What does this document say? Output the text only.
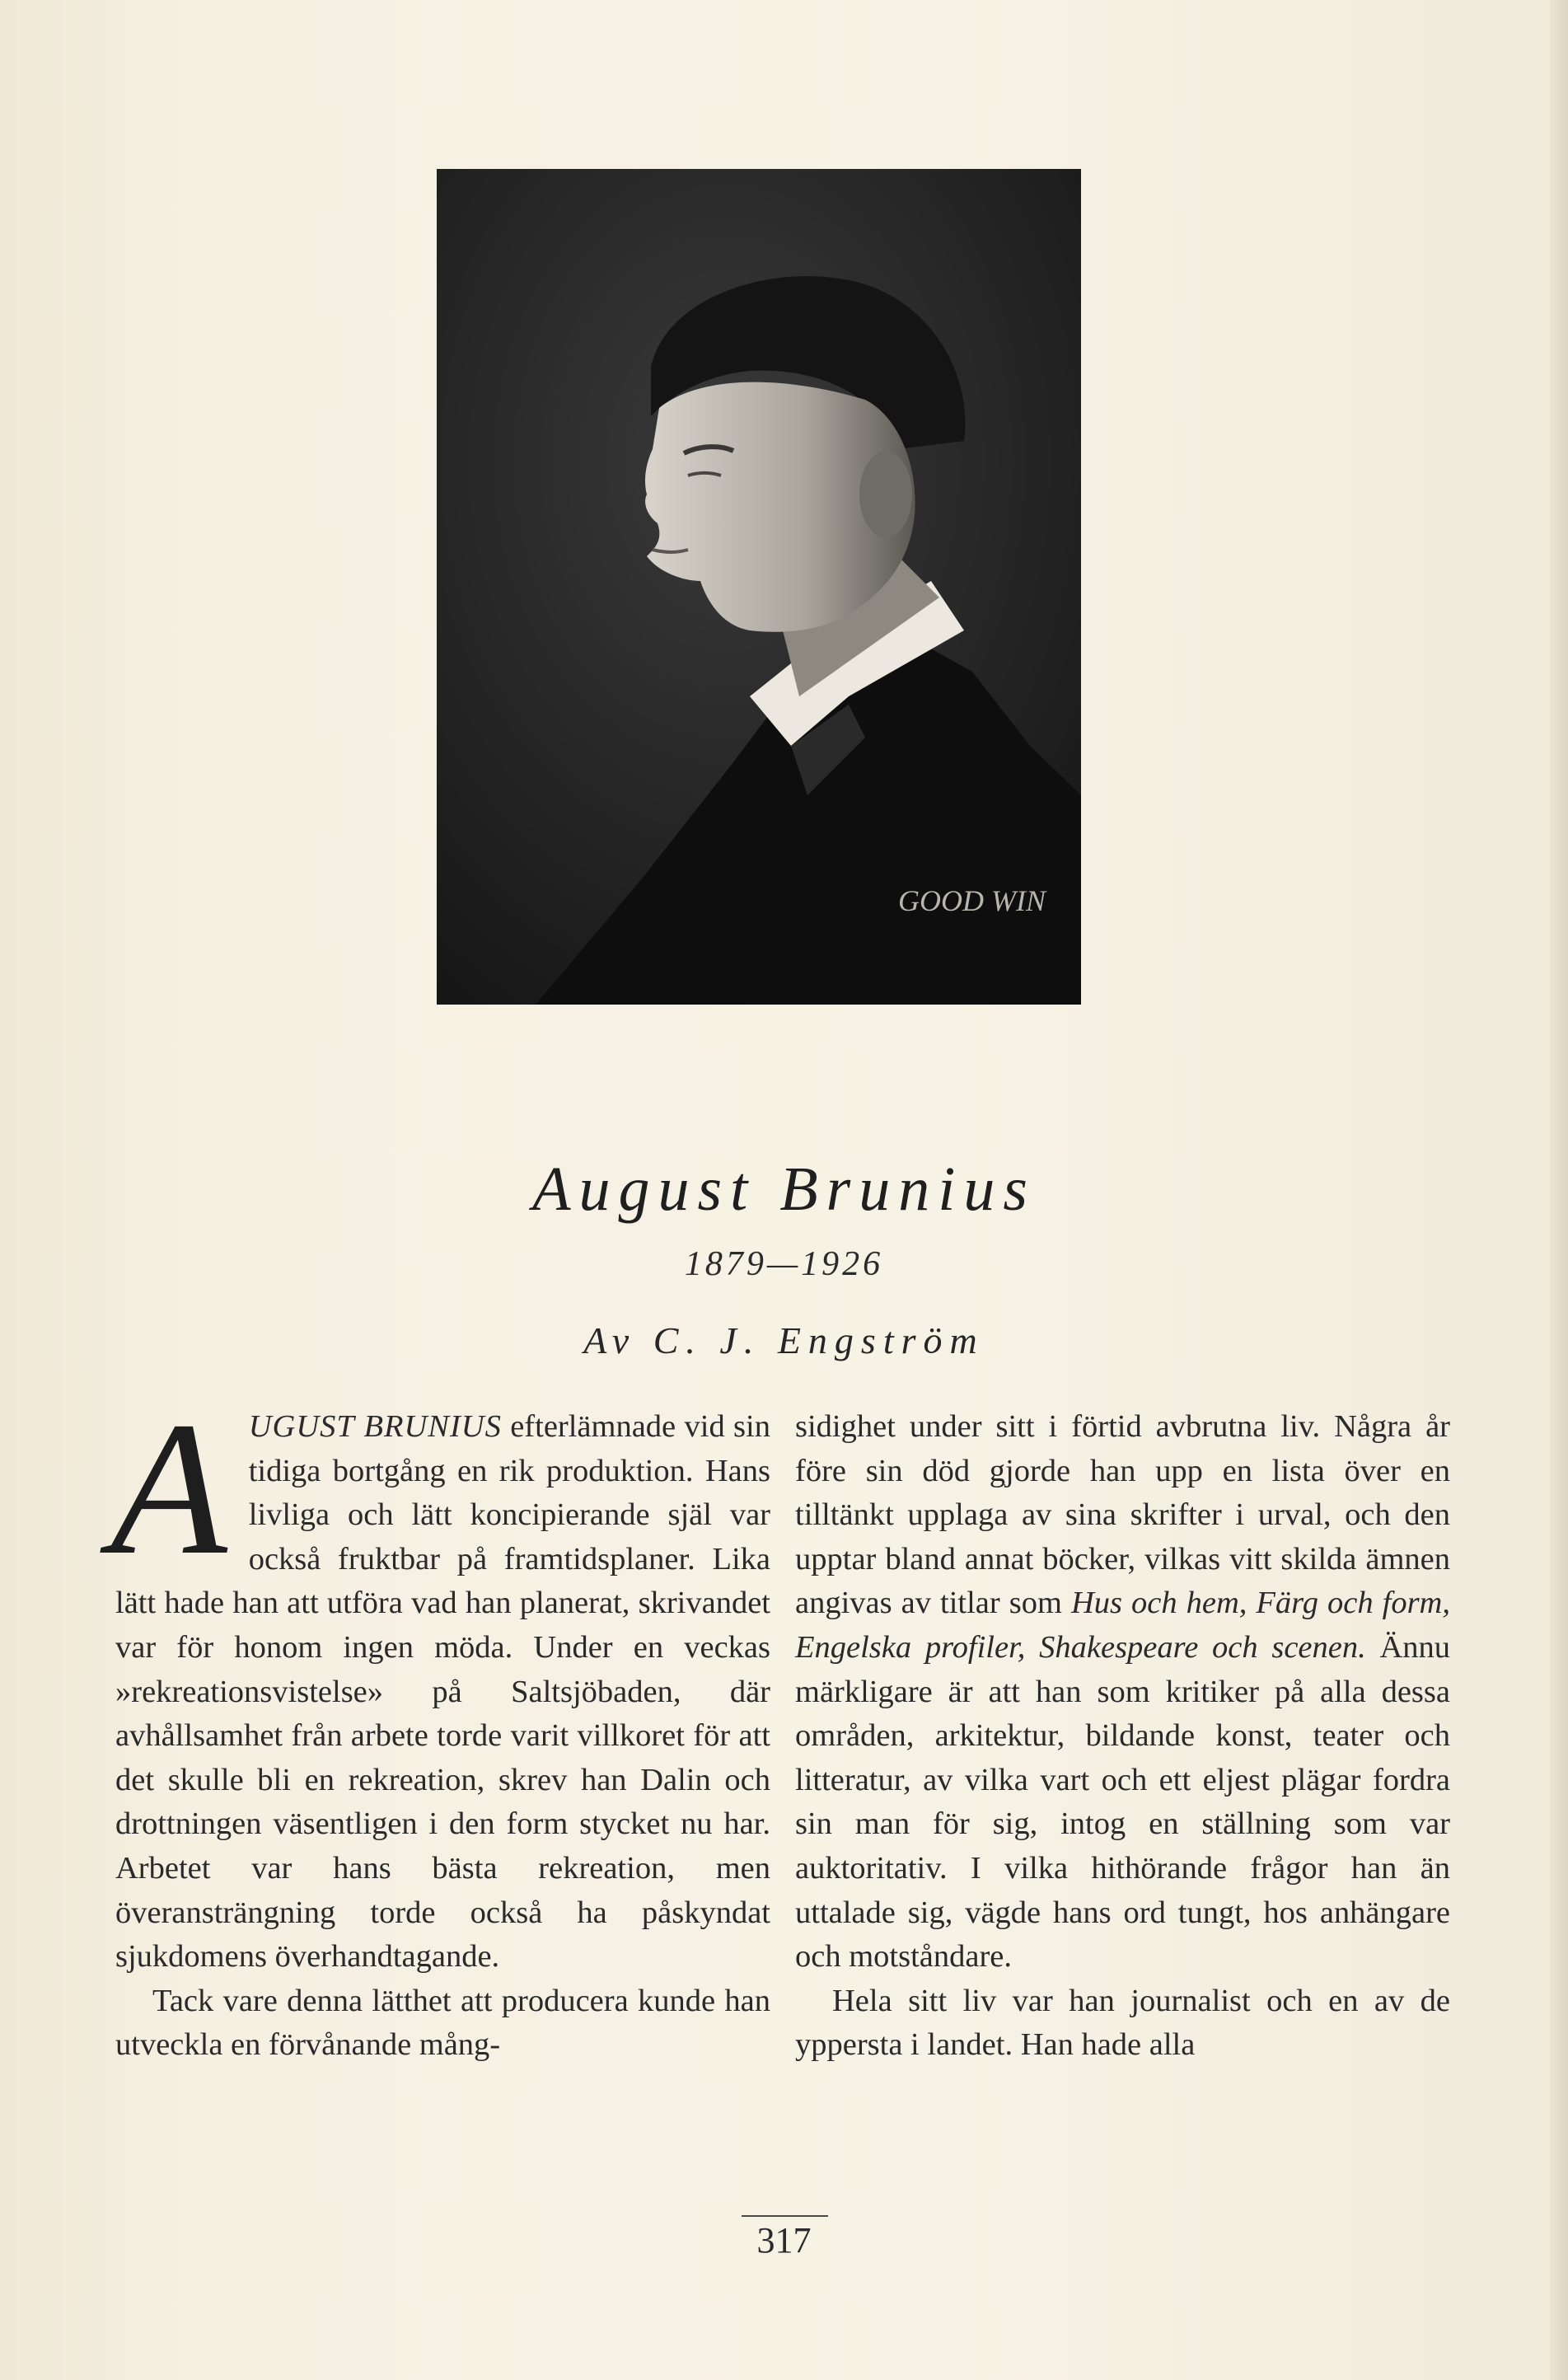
GOOD WIN
August Brunius
1879—1926
Av C. J. Engström

AUGUST BRUNIUS efterlämnade vid sin tidiga bortgång en rik produktion. Hans livliga och lätt koncipierande själ var också fruktbar på framtidsplaner. Lika lätt hade han att utföra vad han planerat, skrivandet var för honom ingen möda. Under en veckas »rekreationsvistelse» på Saltsjöbaden, där avhållsamhet från arbete torde varit villkoret för att det skulle bli en rekreation, skrev han Dalin och drottningen väsentligen i den form stycket nu har. Arbetet var hans bästa rekreation, men överansträngning torde också ha påskyndat sjukdomens överhandtagande.

Tack vare denna lätthet att producera kunde han utveckla en förvånande mång-

sidighet under sitt i förtid avbrutna liv. Några år före sin död gjorde han upp en lista över en tilltänkt upplaga av sina skrifter i urval, och den upptar bland annat böcker, vilkas vitt skilda ämnen angivas av titlar som Hus och hem, Färg och form, Engelska profiler, Shakespeare och scenen. Ännu märkligare är att han som kritiker på alla dessa områden, arkitektur, bildande konst, teater och litteratur, av vilka vart och ett eljest plägar fordra sin man för sig, intog en ställning som var auktoritativ. I vilka hithörande frågor han än uttalade sig, vägde hans ord tungt, hos anhängare och motståndare.

Hela sitt liv var han journalist och en av de yppersta i landet. Han hade alla

317
